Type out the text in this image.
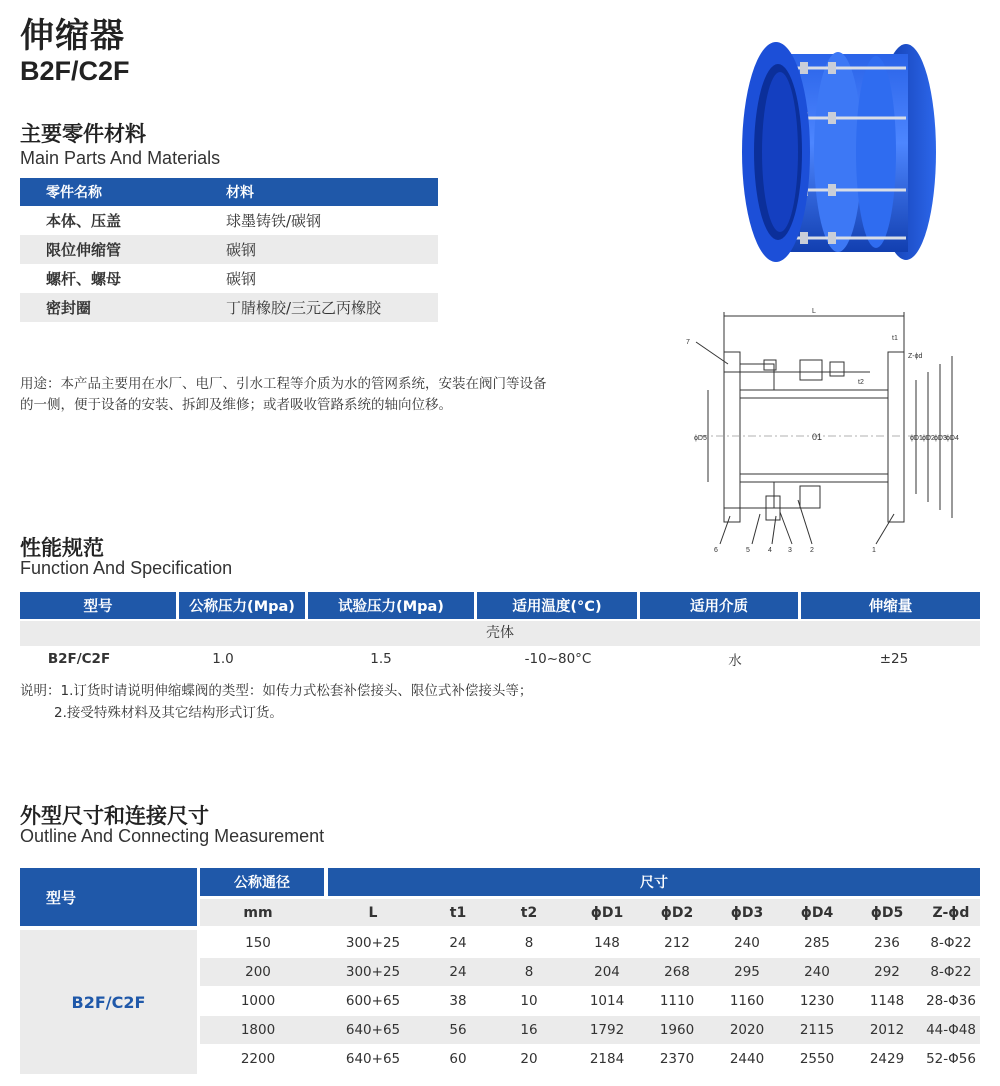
伸缩器
B2F/C2F
主要零件材料
Main Parts And Materials
零件名称	材料
本体、压盖	球墨铸铁/碳钢
限位伸缩管	碳钢
螺杆、螺母	碳钢
密封圈	丁腈橡胶/三元乙丙橡胶
用途：本产品主要用在水厂、电厂、引水工程等介质为水的管网系统，安装在阀门等设备
的一侧，便于设备的安装、拆卸及维修；或者吸收管路系统的轴向位移。
L
t1
Z-ϕd
t2
ϕD5	ϕD1 ϕD2 ϕD3 ϕD4
01
7
6	5	4 3	2	1
性能规范
Function And Specification
型号	公称压力(Mpa)	试验压力(Mpa)	适用温度(°C)	适用介质	伸缩量
壳体
B2F/C2F	1.0	1.5	-10~80°C	水	±25
说明：1.订货时请说明伸缩蝶阀的类型：如传力式松套补偿接头、限位式补偿接头等；
2.接受特殊材料及其它结构形式订货。
外型尺寸和连接尺寸
Outline And Connecting Measurement
型号
公称通径	尺寸
mm	L	t1	t2	ϕD1	ϕD2	ϕD3	ϕD4	ϕD5	Z-ϕd
B2F/C2F
150	300+25	24	8	148	212	240	285	236	8-Φ22
200	300+25	24	8	204	268	295	240	292	8-Φ22
1000	600+65	38	10	1014	1110	1160	1230	1148	28-Φ36
1800	640+65	56	16	1792	1960	2020	2115	2012	44-Φ48
2200	640+65	60	20	2184	2370	2440	2550	2429	52-Φ56
